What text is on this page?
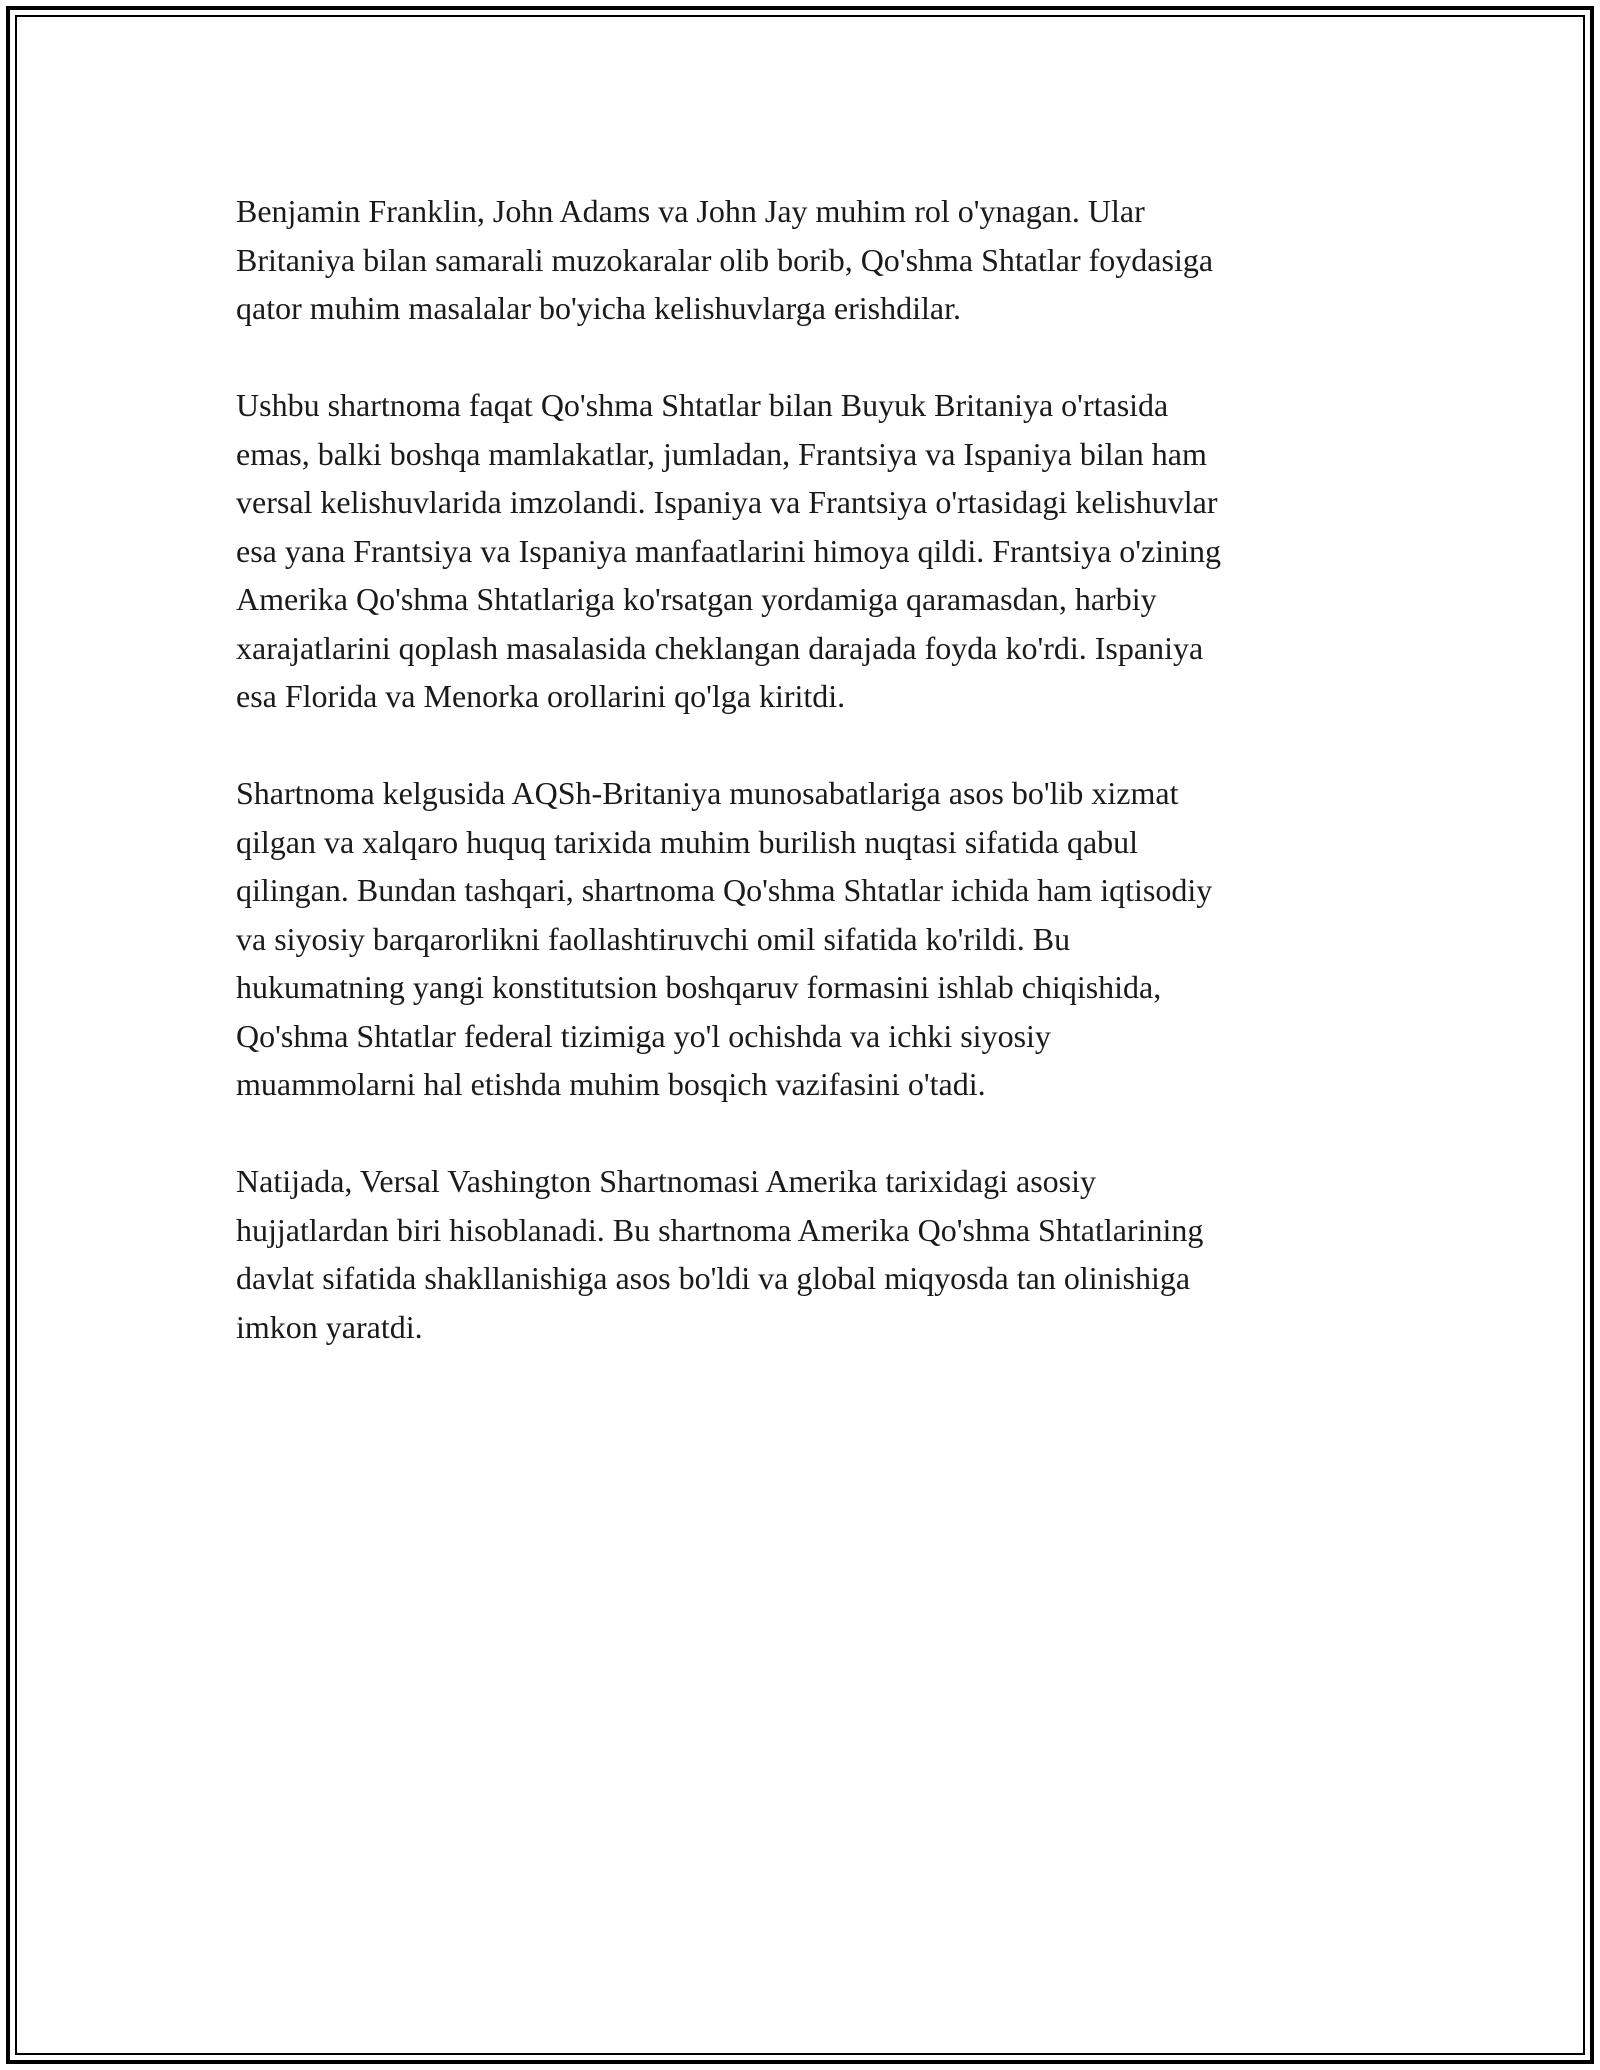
Benjamin Franklin, John Adams va John Jay muhim rol o'ynagan. Ular
Britaniya bilan samarali muzokaralar olib borib, Qo'shma Shtatlar foydasiga
qator muhim masalalar bo'yicha kelishuvlarga erishdilar.

Ushbu shartnoma faqat Qo'shma Shtatlar bilan Buyuk Britaniya o'rtasida
emas, balki boshqa mamlakatlar, jumladan, Frantsiya va Ispaniya bilan ham
versal kelishuvlarida imzolandi. Ispaniya va Frantsiya o'rtasidagi kelishuvlar
esa yana Frantsiya va Ispaniya manfaatlarini himoya qildi. Frantsiya o'zining
Amerika Qo'shma Shtatlariga ko'rsatgan yordamiga qaramasdan, harbiy
xarajatlarini qoplash masalasida cheklangan darajada foyda ko'rdi. Ispaniya
esa Florida va Menorka orollarini qo'lga kiritdi.

Shartnoma kelgusida AQSh-Britaniya munosabatlariga asos bo'lib xizmat
qilgan va xalqaro huquq tarixida muhim burilish nuqtasi sifatida qabul
qilingan. Bundan tashqari, shartnoma Qo'shma Shtatlar ichida ham iqtisodiy
va siyosiy barqarorlikni faollashtiruvchi omil sifatida ko'rildi. Bu
hukumatning yangi konstitutsion boshqaruv formasini ishlab chiqishida,
Qo'shma Shtatlar federal tizimiga yo'l ochishda va ichki siyosiy
muammolarni hal etishda muhim bosqich vazifasini o'tadi.

Natijada, Versal Vashington Shartnomasi Amerika tarixidagi asosiy
hujjatlardan biri hisoblanadi. Bu shartnoma Amerika Qo'shma Shtatlarining
davlat sifatida shakllanishiga asos bo'ldi va global miqyosda tan olinishiga
imkon yaratdi.
